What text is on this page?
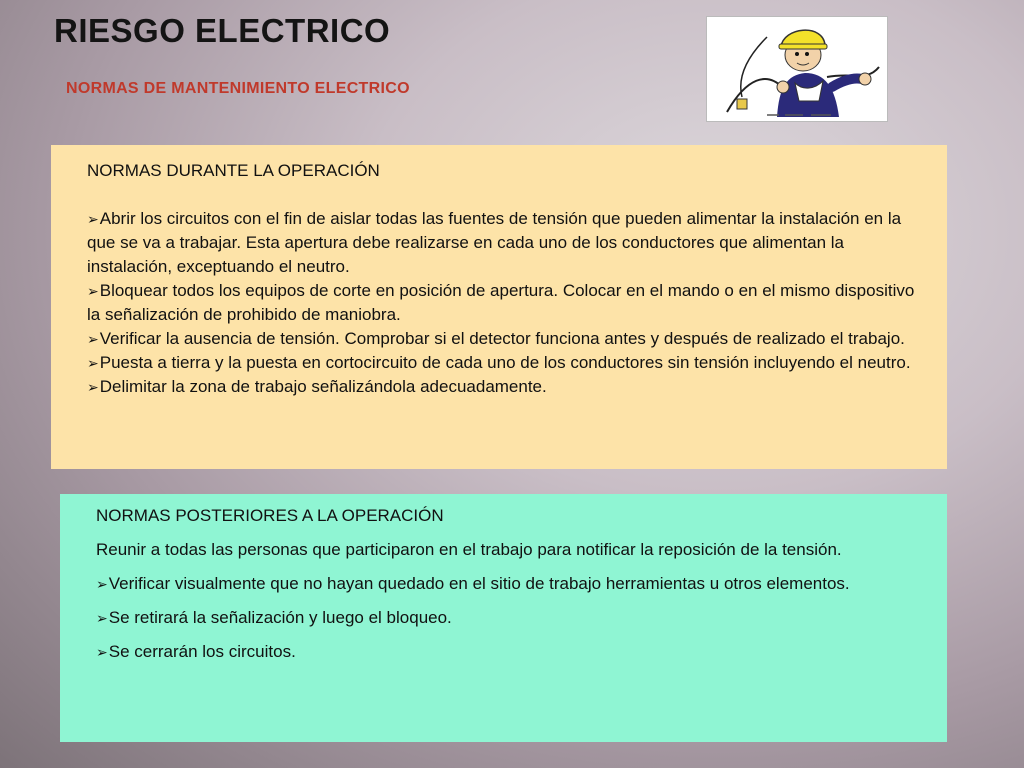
RIESGO ELECTRICO
NORMAS DE MANTENIMIENTO ELECTRICO

NORMAS DURANTE LA OPERACIÓN

➢Abrir los circuitos con el fin de aislar todas las fuentes de tensión que pueden alimentar la instalación en la que se va a trabajar. Esta apertura debe realizarse en cada uno de los conductores que alimentan la instalación, exceptuando el neutro.

➢Bloquear todos los equipos de corte en posición de apertura. Colocar en el mando o en el mismo dispositivo la señalización de prohibido de maniobra.

➢Verificar la ausencia de tensión. Comprobar si el detector funciona antes y después de realizado el trabajo.

➢Puesta a tierra y la puesta en cortocircuito de cada uno de los conductores sin tensión incluyendo el neutro.

➢Delimitar la zona de trabajo señalizándola adecuadamente.

NORMAS POSTERIORES A LA OPERACIÓN

Reunir a todas las personas que participaron en el trabajo para notificar la reposición de la tensión.

➢Verificar visualmente que no hayan quedado en el sitio de trabajo herramientas u otros elementos.

➢Se retirará la señalización y luego el bloqueo.

➢Se cerrarán los circuitos.
